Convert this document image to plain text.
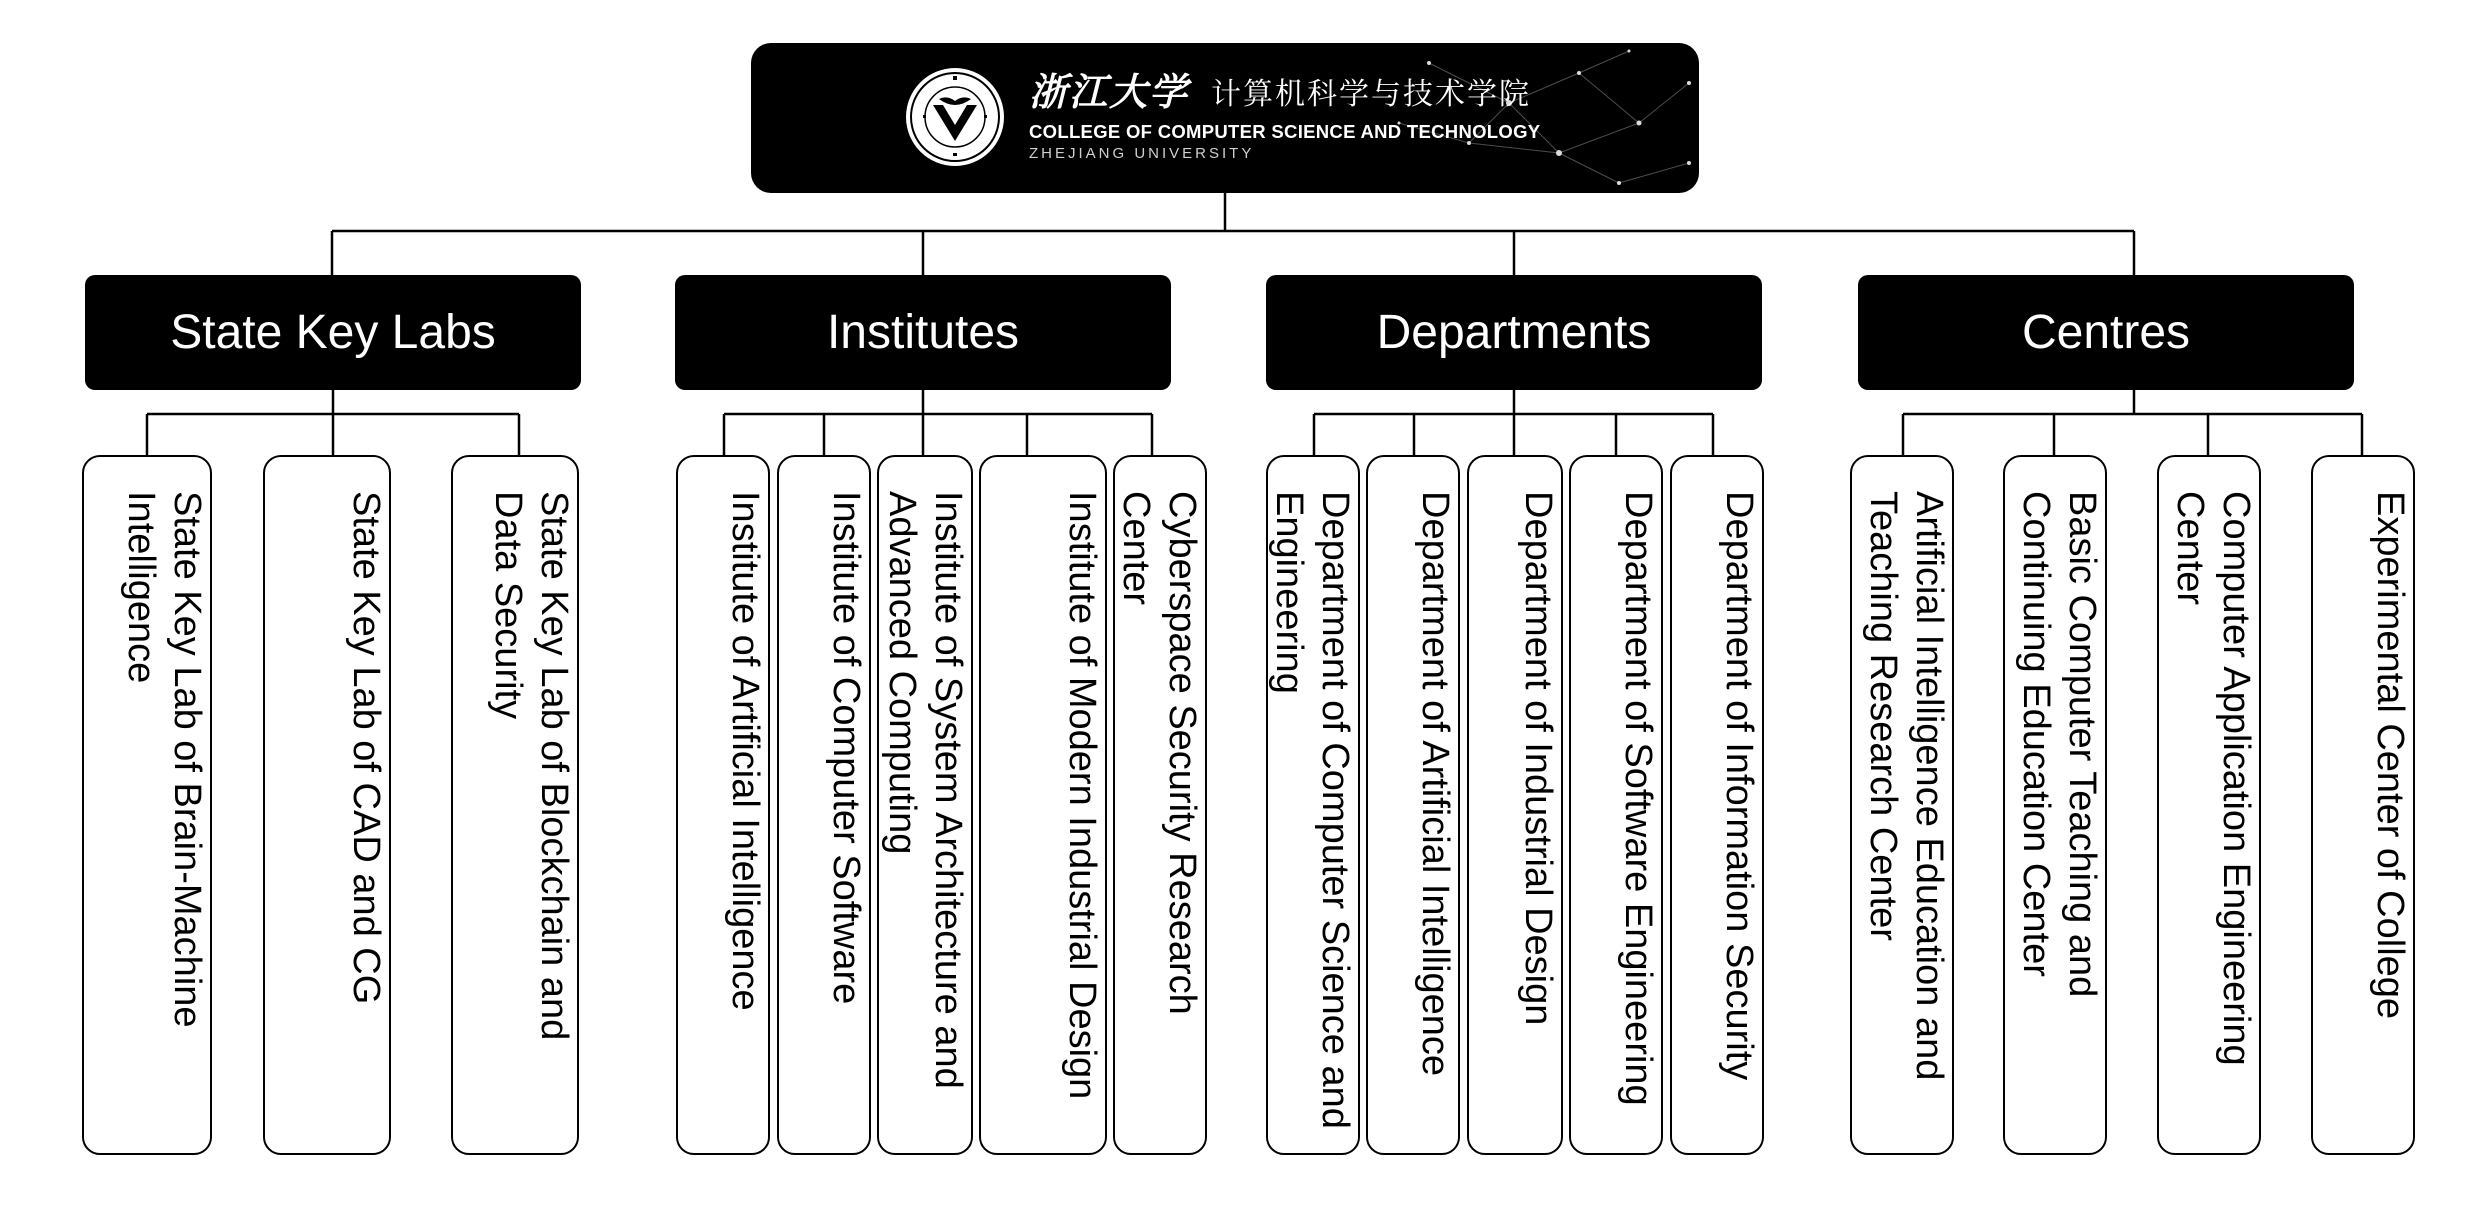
浙江大学 计算机科学与技术学院
COLLEGE OF COMPUTER SCIENCE AND TECHNOLOGY
ZHEJIANG UNIVERSITY
State Key Labs	Institutes	Departments	Centres
State Key Lab of Brain-Machine Intelligence	State Key Lab of CAD and CG	State Key Lab of Blockchain and Data Security	Institute of Artificial Intelligence Institute of Computer Software	Institute of System Architecture and Advanced Computing	Institute of Modern Industrial Design	Cyberspace Security Research Center	Department of Computer Science and Engineering	Department of Artificial Intelligence Department of Industrial Design Department of Software Engineering Department of Information Security	Artificial Intelligence Education and Teaching Research Center	Basic Computer Teaching and Continuing Education Center	Computer Application Engineering Center	Experimental Center of College
